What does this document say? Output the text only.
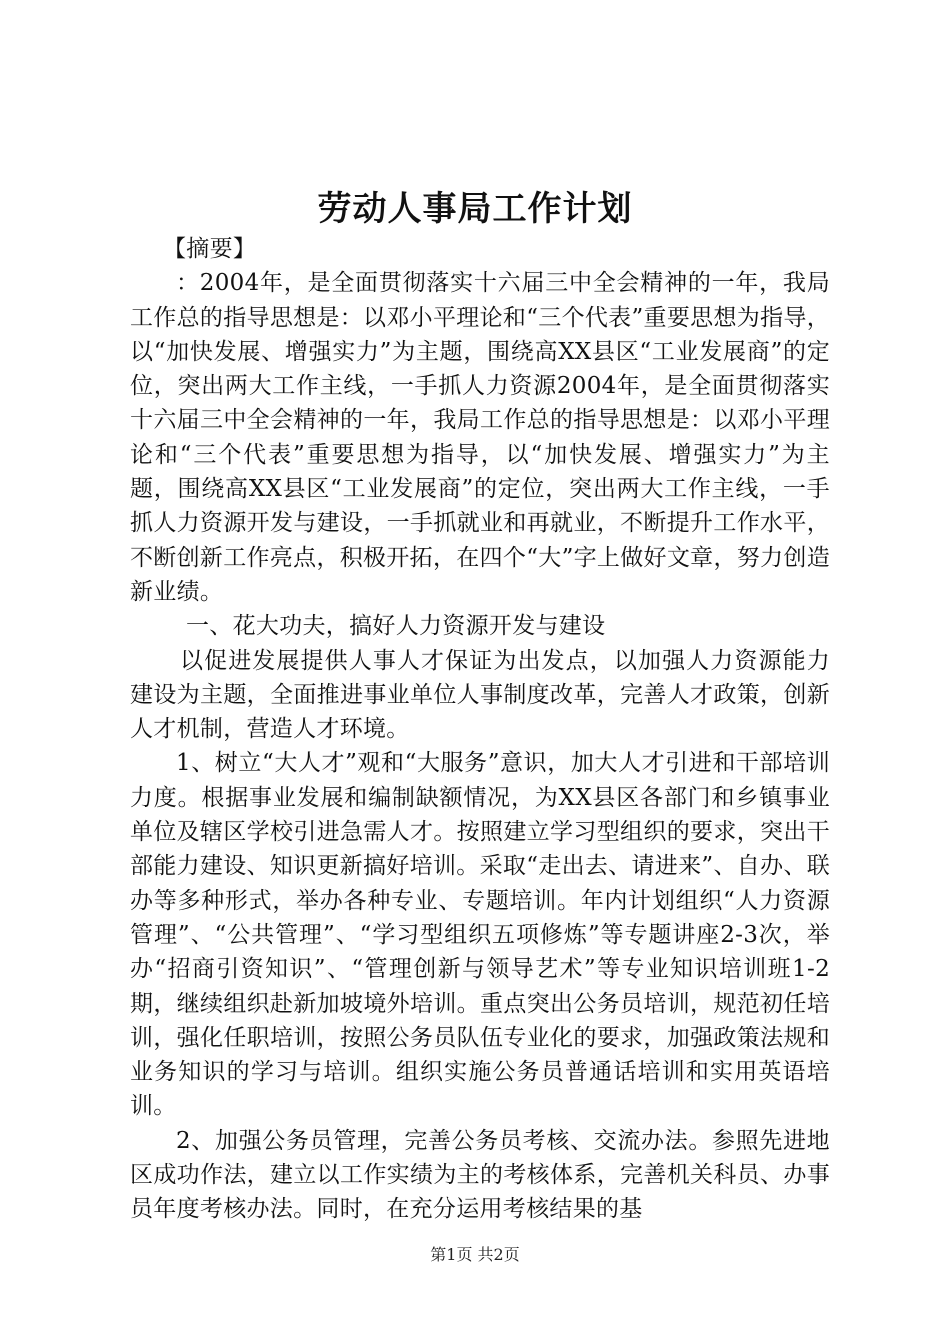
劳动人事局工作计划

【摘要】

：2004年，是全面贯彻落实十六届三中全会精神的一年，我局工作总的指导思想是：以邓小平理论和“三个代表”重要思想为指导，以“加快发展、增强实力”为主题，围绕高XX县区“工业发展商”的定位，突出两大工作主线，一手抓人力资源2004年，是全面贯彻落实十六届三中全会精神的一年，我局工作总的指导思想是：以邓小平理论和“三个代表”重要思想为指导，以“加快发展、增强实力”为主题，围绕高XX县区“工业发展商”的定位，突出两大工作主线，一手抓人力资源开发与建设，一手抓就业和再就业，不断提升工作水平，不断创新工作亮点，积极开拓，在四个“大”字上做好文章，努力创造新业绩。

一、花大功夫，搞好人力资源开发与建设

以促进发展提供人事人才保证为出发点，以加强人力资源能力建设为主题，全面推进事业单位人事制度改革，完善人才政策，创新人才机制，营造人才环境。

1、树立“大人才”观和“大服务”意识，加大人才引进和干部培训力度。根据事业发展和编制缺额情况，为XX县区各部门和乡镇事业单位及辖区学校引进急需人才。按照建立学习型组织的要求，突出干部能力建设、知识更新搞好培训。采取“走出去、请进来”、自办、联办等多种形式，举办各种专业、专题培训。年内计划组织“人力资源管理”、“公共管理”、“学习型组织五项修炼”等专题讲座2-3次，举办“招商引资知识”、“管理创新与领导艺术”等专业知识培训班1-2期，继续组织赴新加坡境外培训。重点突出公务员培训，规范初任培训，强化任职培训，按照公务员队伍专业化的要求，加强政策法规和业务知识的学习与培训。组织实施公务员普通话培训和实用英语培训。

2、加强公务员管理，完善公务员考核、交流办法。参照先进地区成功作法，建立以工作实绩为主的考核体系，完善机关科员、办事员年度考核办法。同时，在充分运用考核结果的基

第1页 共2页
